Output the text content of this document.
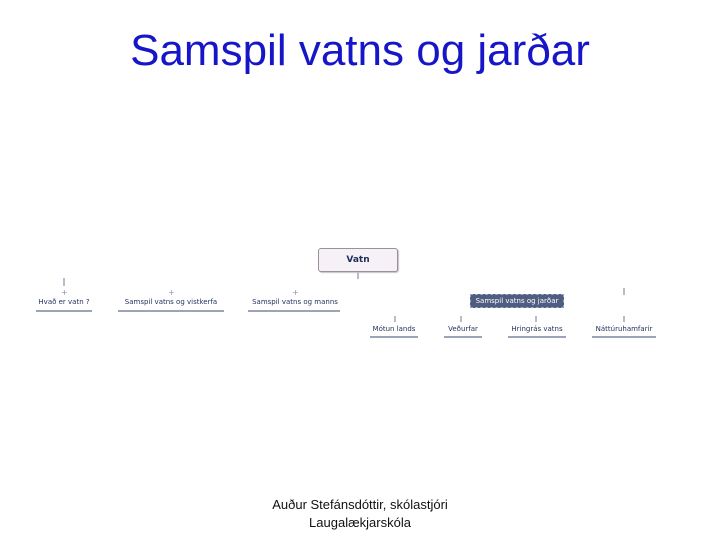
Samspil vatns og jarðar
+	+	+
Vatn
Hvað er vatn ?	Samspil vatns og vistkerfa	Samspil vatns og manns	Samspil vatns og jarðar
Mótun lands	Veðurfar	Hringrás vatns	Náttúruhamfarir
Auður Stefánsdóttir, skólastjóri
Laugalækjarskóla
